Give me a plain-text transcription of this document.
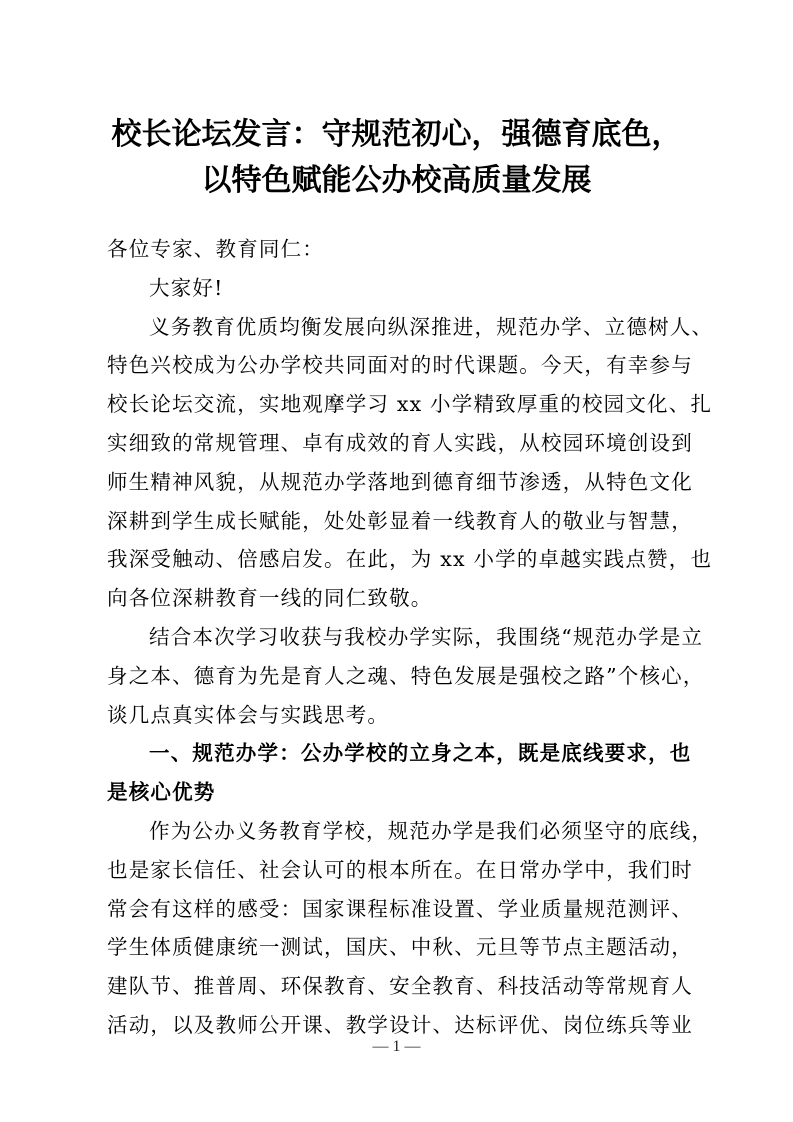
校长论坛发言：守规范初心，强德育底色，
以特色赋能公办校高质量发展
各位专家、教育同仁：
大家好!
义务教育优质均衡发展向纵深推进，规范办学、立德树人、
特色兴校成为公办学校共同面对的时代课题。今天，有幸参与
校长论坛交流，实地观摩学习 xx 小学精致厚重的校园文化、扎
实细致的常规管理、卓有成效的育人实践，从校园环境创设到
师生精神风貌，从规范办学落地到德育细节渗透，从特色文化
深耕到学生成长赋能，处处彰显着一线教育人的敬业与智慧，
我深受触动、倍感启发。在此，为 xx 小学的卓越实践点赞，也
向各位深耕教育一线的同仁致敬。
结合本次学习收获与我校办学实际，我围绕“规范办学是立
身之本、德育为先是育人之魂、特色发展是强校之路”个核心，
谈几点真实体会与实践思考。
一、规范办学：公办学校的立身之本，既是底线要求，也
是核心优势
作为公办义务教育学校，规范办学是我们必须坚守的底线，
也是家长信任、社会认可的根本所在。在日常办学中，我们时
常会有这样的感受：国家课程标准设置、学业质量规范测评、
学生体质健康统一测试，国庆、中秋、元旦等节点主题活动，
建队节、推普周、环保教育、安全教育、科技活动等常规育人
活动，以及教师公开课、教学设计、达标评优、岗位练兵等业
— 1 —
